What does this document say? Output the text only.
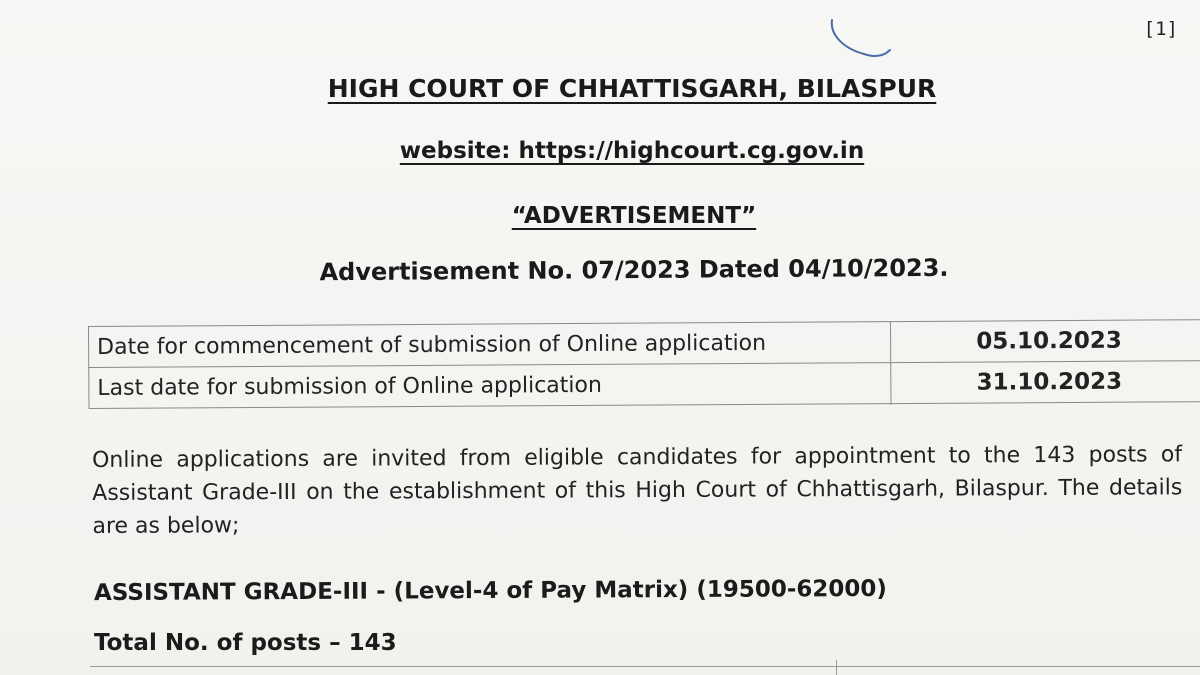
[1]
HIGH COURT OF CHHATTISGARH, BILASPUR
website: https://highcourt.cg.gov.in
“ADVERTISEMENT”
Advertisement No. 07/2023 Dated 04/10/2023.
Date for commencement of submission of Online application	05.10.2023
Last date for submission of Online application	31.10.2023
Online applications are invited from eligible candidates for appointment to the 143 posts of Assistant Grade-III on the establishment of this High Court of Chhattisgarh, Bilaspur. The details are as below;
ASSISTANT GRADE-III - (Level-4 of Pay Matrix) (19500-62000)
Total No. of posts – 143
